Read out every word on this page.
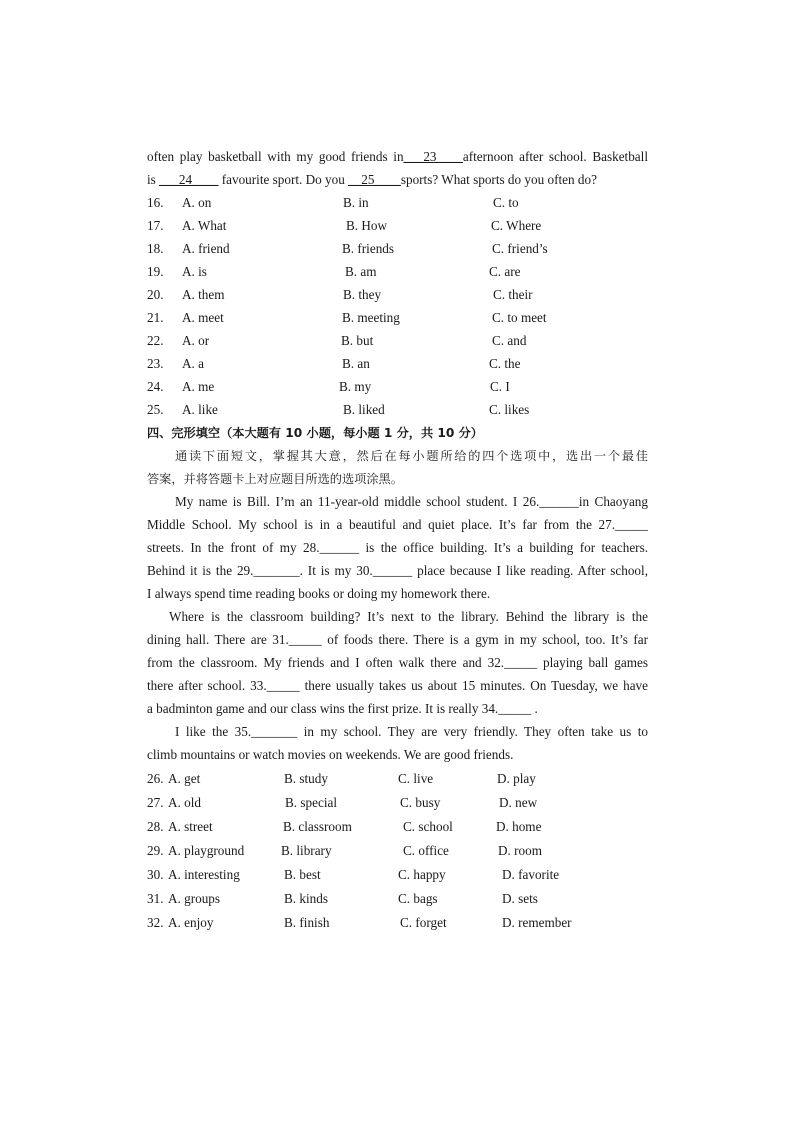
often play basketball with my good friends in___23____afternoon after school. Basketball
is ___24____ favourite sport. Do you __25____sports? What sports do you often do?
16. A. on	B. in	C. to
17. A. What	B. How	C. Where
18. A. friend	B. friends	C. friend’s
19. A. is	B. am	C. are
20. A. them	B. they	C. their
21. A. meet	B. meeting	C. to meet
22. A. or	B. but	C. and
23. A. a	B. an	C. the
24. A. me	B. my	C. I
25. A. like	B. liked	C. likes
四、完形填空（本大题有 10 小题，每小题 1 分，共 10 分）
通读下面短文，掌握其大意，然后在每小题所给的四个选项中，选出一个最佳
答案，并将答题卡上对应题目所选的选项涂黑。
My name is Bill. I’m an 11-year-old middle school student. I 26.______in Chaoyang
Middle School. My school is in a beautiful and quiet place. It’s far from the 27._____
streets. In the front of my 28.______ is the office building. It’s a building for teachers.
Behind it is the 29._______. It is my 30.______ place because I like reading. After school,
I always spend time reading books or doing my homework there.
Where is the classroom building? It’s next to the library. Behind the library is the
dining hall. There are 31._____ of foods there. There is a gym in my school, too. It’s far
from the classroom. My friends and I often walk there and 32._____ playing ball games
there after school. 33._____ there usually takes us about 15 minutes. On Tuesday, we have
a badminton game and our class wins the first prize. It is really 34._____ .
I like the 35._______ in my school. They are very friendly. They often take us to
climb mountains or watch movies on weekends. We are good friends.
26. A. get	B. study	C. live	D. play
27. A. old	B. special	C. busy	D. new
28. A. street	B. classroom	C. school	D. home
29. A. playground	B. library	C. office	D. room
30. A. interesting	B. best	C. happy	D. favorite
31. A. groups	B. kinds	C. bags	D. sets
32. A. enjoy	B. finish	C. forget	D. remember
